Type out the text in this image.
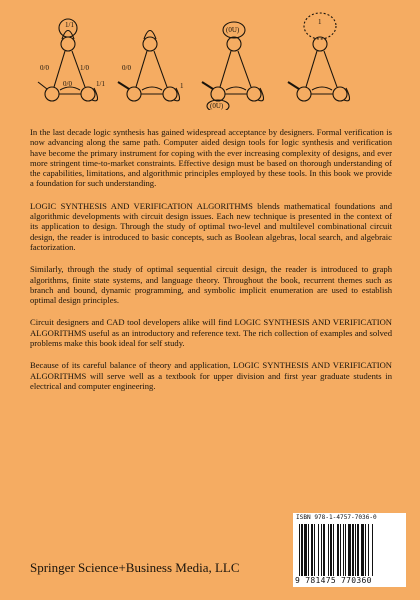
1/1
0/0	1/0
0/0	1/1
0/0
1
(0U)
(0U)
1

In the last decade logic synthesis has gained widespread acceptance by designers. Formal verification is now advancing along the same path. Computer aided design tools for logic synthesis and verification have become the primary instrument for coping with the ever increasing complexity of designs, and ever more stringent time-to-market constraints. Effective design must be based on thorough understanding of the capabilities, limitations, and algorithmic principles employed by these tools. In this book we provide a foundation for such understanding.

LOGIC SYNTHESIS AND VERIFICATION ALGORITHMS blends mathematical foundations and algorithmic developments with circuit design issues. Each new technique is presented in the context of its application to design. Through the study of optimal two-level and multilevel combinational circuit design, the reader is introduced to basic concepts, such as Boolean algebras, local search, and algebraic factorization.

Similarly, through the study of optimal sequential circuit design, the reader is introduced to graph algorithms, finite state systems, and language theory. Throughout the book, recurrent themes such as branch and bound, dynamic programming, and symbolic implicit enumeration are used to establish optimal design principles.

Circuit designers and CAD tool developers alike will find LOGIC SYNTHESIS AND VERIFICATION ALGORITHMS useful as an introductory and reference text. The rich collection of examples and solved problems make this book ideal for self study.

Because of its careful balance of theory and application, LOGIC SYNTHESIS AND VERIFICATION ALGORITHMS will serve well as a textbook for upper division and first year graduate students in electrical and computer engineering.

ISBN 978-1-4757-7036-0
9 781475 770360
Springer Science+Business Media, LLC
